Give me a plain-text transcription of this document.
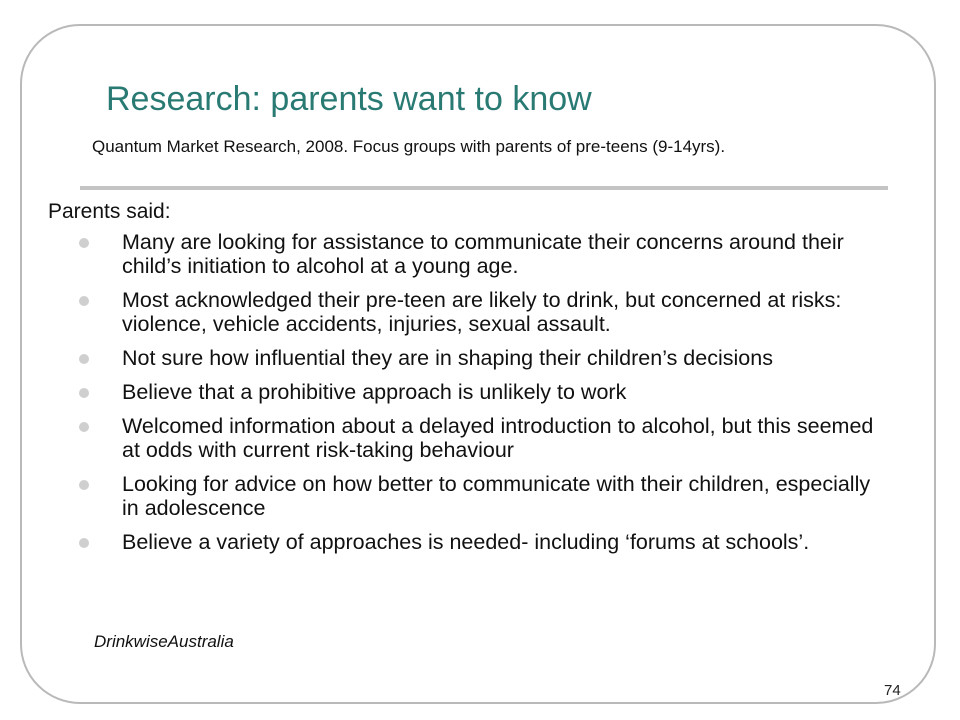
Research: parents want to know
Quantum Market Research, 2008. Focus groups with parents of pre-teens (9-14yrs).
Parents said:
Many are looking for assistance to communicate their concerns around their child’s initiation to alcohol at a young age.
Most acknowledged their pre-teen are likely to drink, but concerned at risks: violence, vehicle accidents, injuries, sexual assault.
Not sure how influential they are in shaping their children’s decisions
Believe that a prohibitive approach is unlikely to work
Welcomed information about a delayed introduction to alcohol, but this seemed at odds with current risk-taking behaviour
Looking for advice on how better to communicate with their children, especially in adolescence
Believe a variety of approaches is needed- including ‘forums at schools’.
DrinkwiseAustralia
74
